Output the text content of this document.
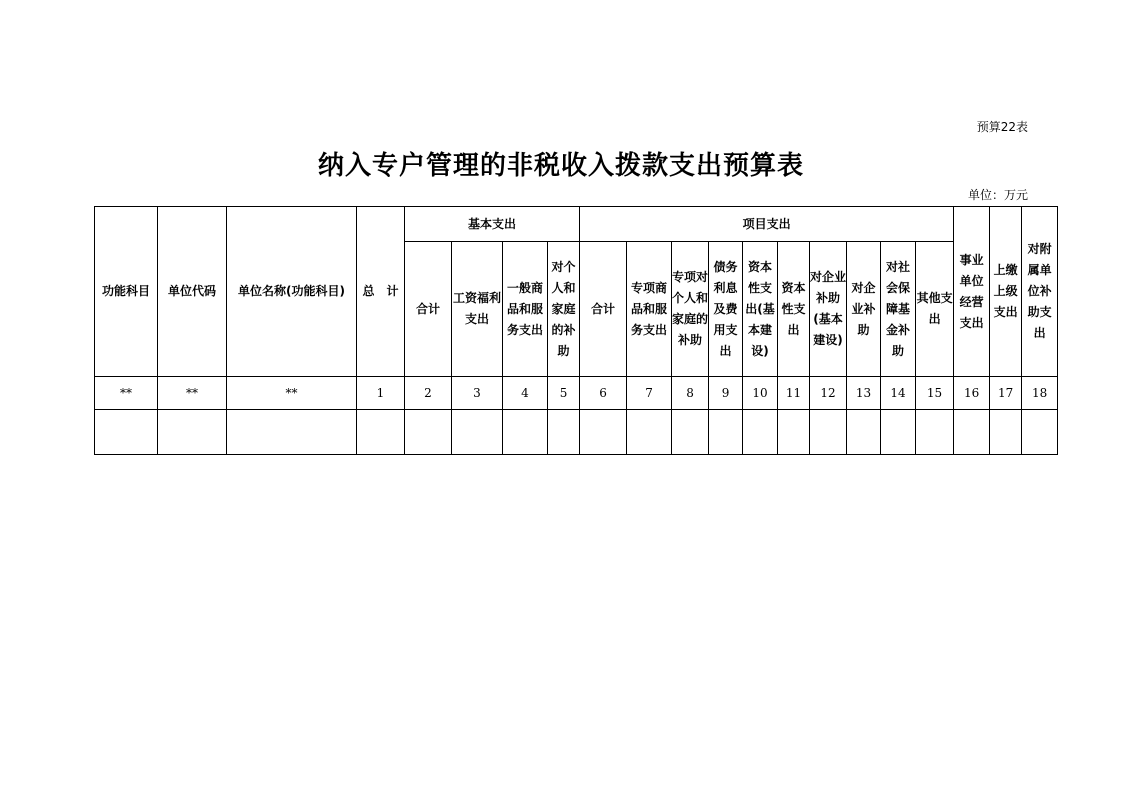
预算22表
纳入专户管理的非税收入拨款支出预算表
单位：万元
功能科目	单位代码	单位名称(功能科目)	总　计	基本支出				项目支出										事业单位经营支出	上缴上级支出	对附属单位补助支出
				合计	工资福利支出	一般商品和服务支出	对个人和家庭的补助	合计	专项商品和服务支出	专项对个人和家庭的补助	债务利息及费用支出	资本性支出(基本建设)	资本性支出	对企业补助(基本建设)	对企业补助	对社会保障基金补助	其他支出			
**	**	**	1	2	3	4	5	6	7	8	9	10	11	12	13	14	15	16	17	18
